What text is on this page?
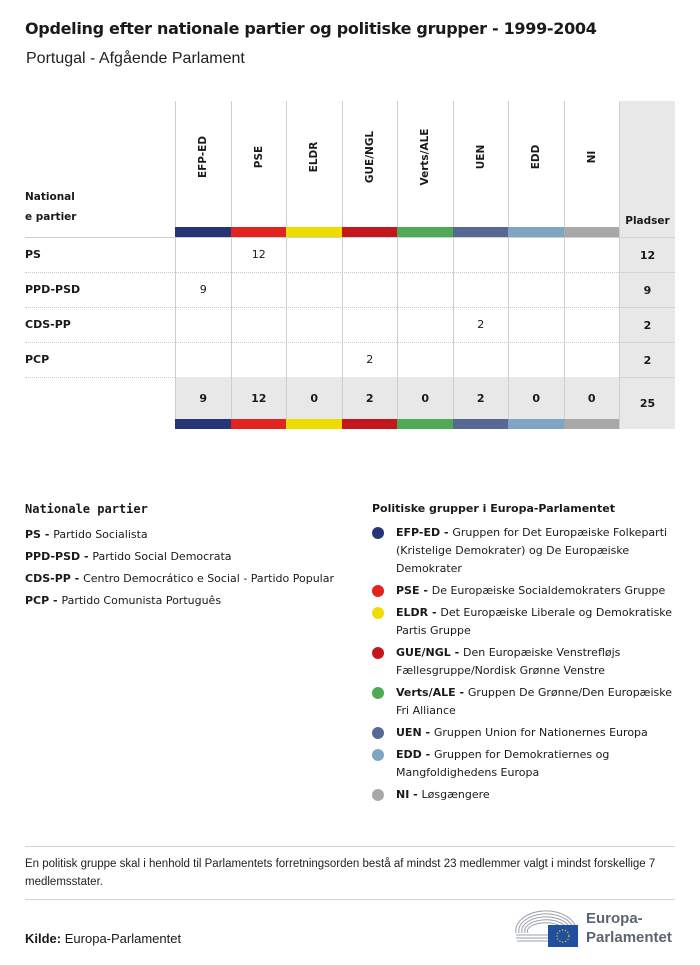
Opdeling efter nationale partier og politiske grupper - 1999-2004
Portugal - Afgående Parlament
National
e partier	Pladser
12
9
2
2
25
PS
PPD-PSD
CDS-PP
PCP
EFP-ED
9
9
PSE
12
12
ELDR
0
GUE/NGL
2
2
Verts/ALE
0
UEN
2
2
EDD
0
NI
0
Nationale partier
PS - Partido Socialista
PPD-PSD - Partido Social Democrata
CDS-PP - Centro Democrático e Social - Partido Popular
PCP - Partido Comunista Português
Politiske grupper i Europa-Parlamentet
EFP-ED - Gruppen for Det Europæiske Folkeparti (Kristelige Demokrater) og De Europæiske Demokrater
PSE - De Europæiske Socialdemokraters Gruppe
ELDR - Det Europæiske Liberale og Demokratiske Partis Gruppe
GUE/NGL - Den Europæiske Venstrefløjs Fællesgruppe/Nordisk Grønne Venstre
Verts/ALE - Gruppen De Grønne/Den Europæiske Fri Alliance
UEN - Gruppen Union for Nationernes Europa
EDD - Gruppen for Demokratiernes og Mangfoldighedens Europa
NI - Løsgængere
En politisk gruppe skal i henhold til Parlamentets forretningsorden bestå af mindst 23 medlemmer valgt i mindst forskellige 7 medlemsstater.
Kilde: Europa-Parlamentet
Europa-
Parlamentet
